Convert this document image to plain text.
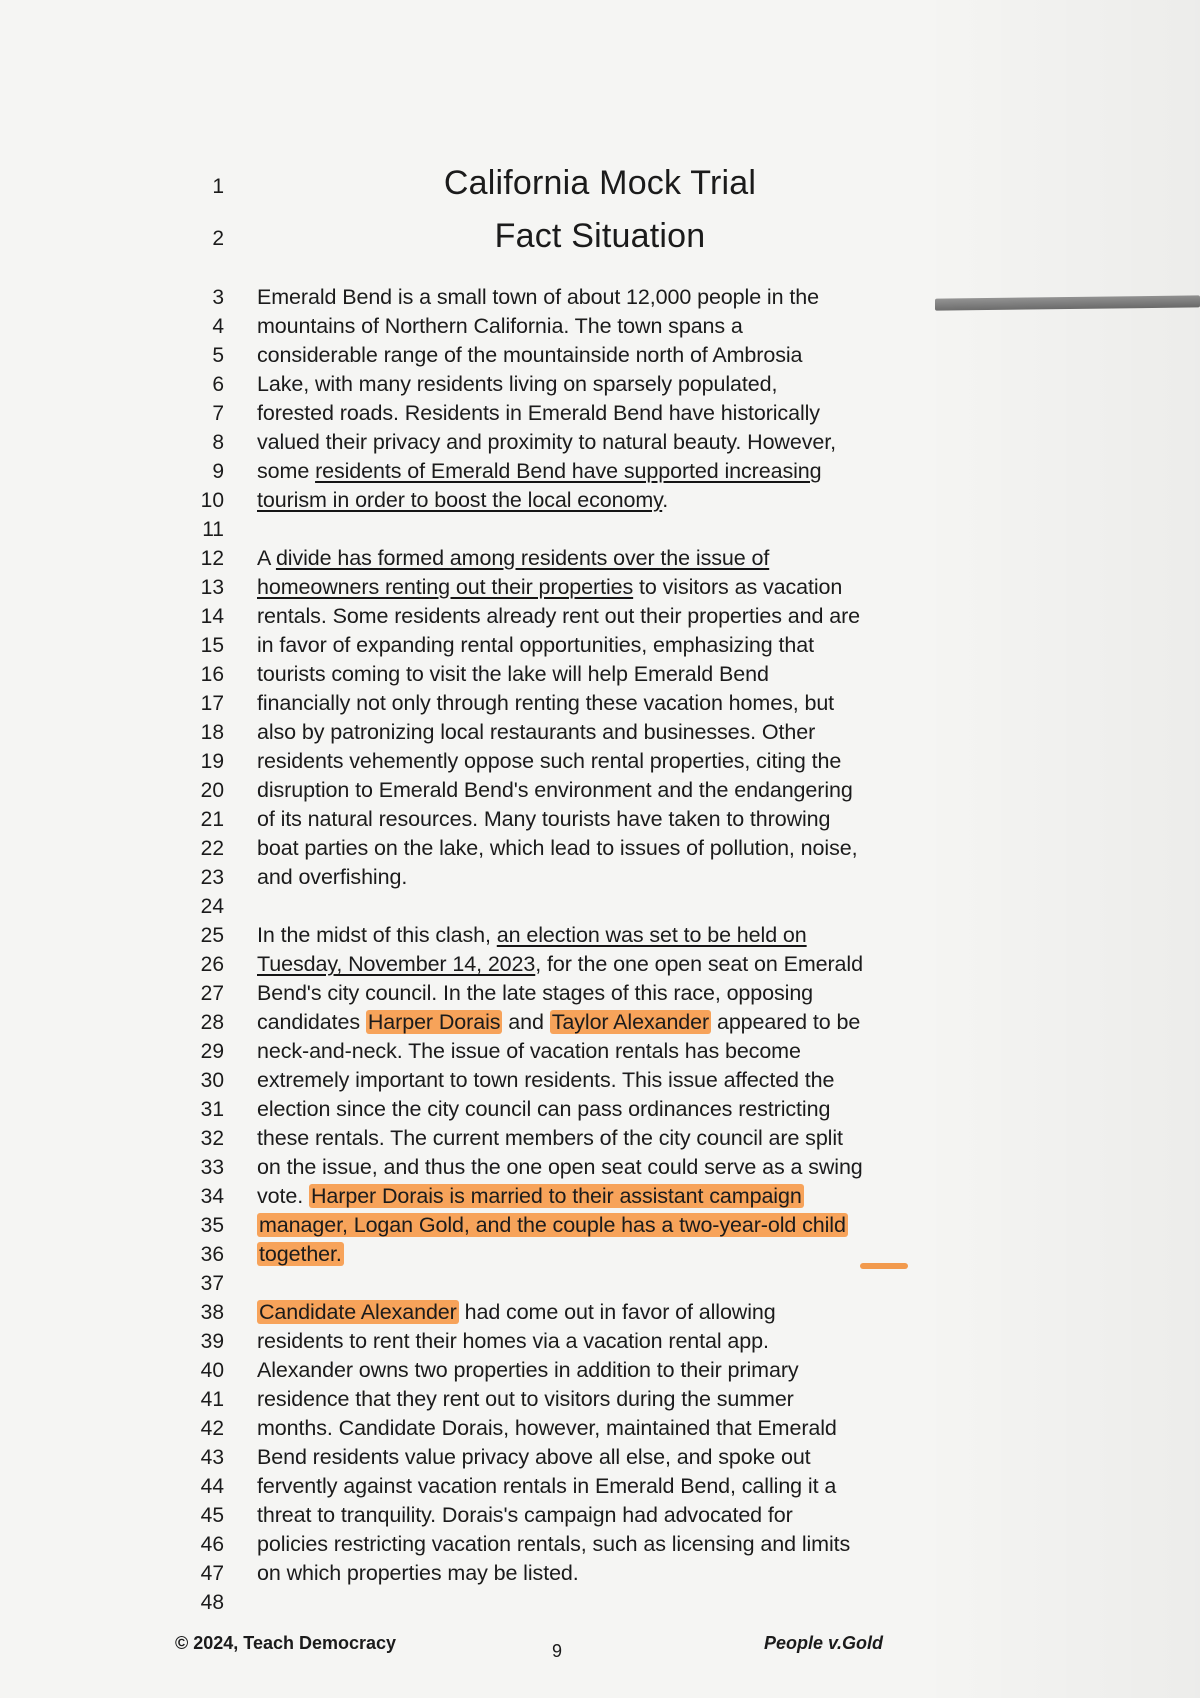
1
2
3
4
5
6
7
8
9
10
11
12
13
14
15
16
17
18
19
20
21
22
23
24
25
26
27
28
29
30
31
32
33
34
35
36
37
38
39
40
41
42
43
44
45
46
47
48
California Mock Trial
Fact Situation
Emerald Bend is a small town of about 12,000 people in the
mountains of Northern California. The town spans a
considerable range of the mountainside north of Ambrosia
Lake, with many residents living on sparsely populated,
forested roads. Residents in Emerald Bend have historically
valued their privacy and proximity to natural beauty. However,
some residents of Emerald Bend have supported increasing
tourism in order to boost the local economy.
A divide has formed among residents over the issue of
homeowners renting out their properties to visitors as vacation
rentals. Some residents already rent out their properties and are
in favor of expanding rental opportunities, emphasizing that
tourists coming to visit the lake will help Emerald Bend
financially not only through renting these vacation homes, but
also by patronizing local restaurants and businesses. Other
residents vehemently oppose such rental properties, citing the
disruption to Emerald Bend's environment and the endangering
of its natural resources. Many tourists have taken to throwing
boat parties on the lake, which lead to issues of pollution, noise,
and overfishing.
In the midst of this clash, an election was set to be held on
Tuesday, November 14, 2023, for the one open seat on Emerald
Bend's city council. In the late stages of this race, opposing
candidates Harper Dorais and Taylor Alexander appeared to be
neck-and-neck. The issue of vacation rentals has become
extremely important to town residents. This issue affected the
election since the city council can pass ordinances restricting
these rentals. The current members of the city council are split
on the issue, and thus the one open seat could serve as a swing
vote. Harper Dorais is married to their assistant campaign
manager, Logan Gold, and the couple has a two-year-old child
together.
Candidate Alexander had come out in favor of allowing
residents to rent their homes via a vacation rental app.
Alexander owns two properties in addition to their primary
residence that they rent out to visitors during the summer
months. Candidate Dorais, however, maintained that Emerald
Bend residents value privacy above all else, and spoke out
fervently against vacation rentals in Emerald Bend, calling it a
threat to tranquility. Dorais's campaign had advocated for
policies restricting vacation rentals, such as licensing and limits
on which properties may be listed.
© 2024, Teach Democracy	9	People v.Gold
